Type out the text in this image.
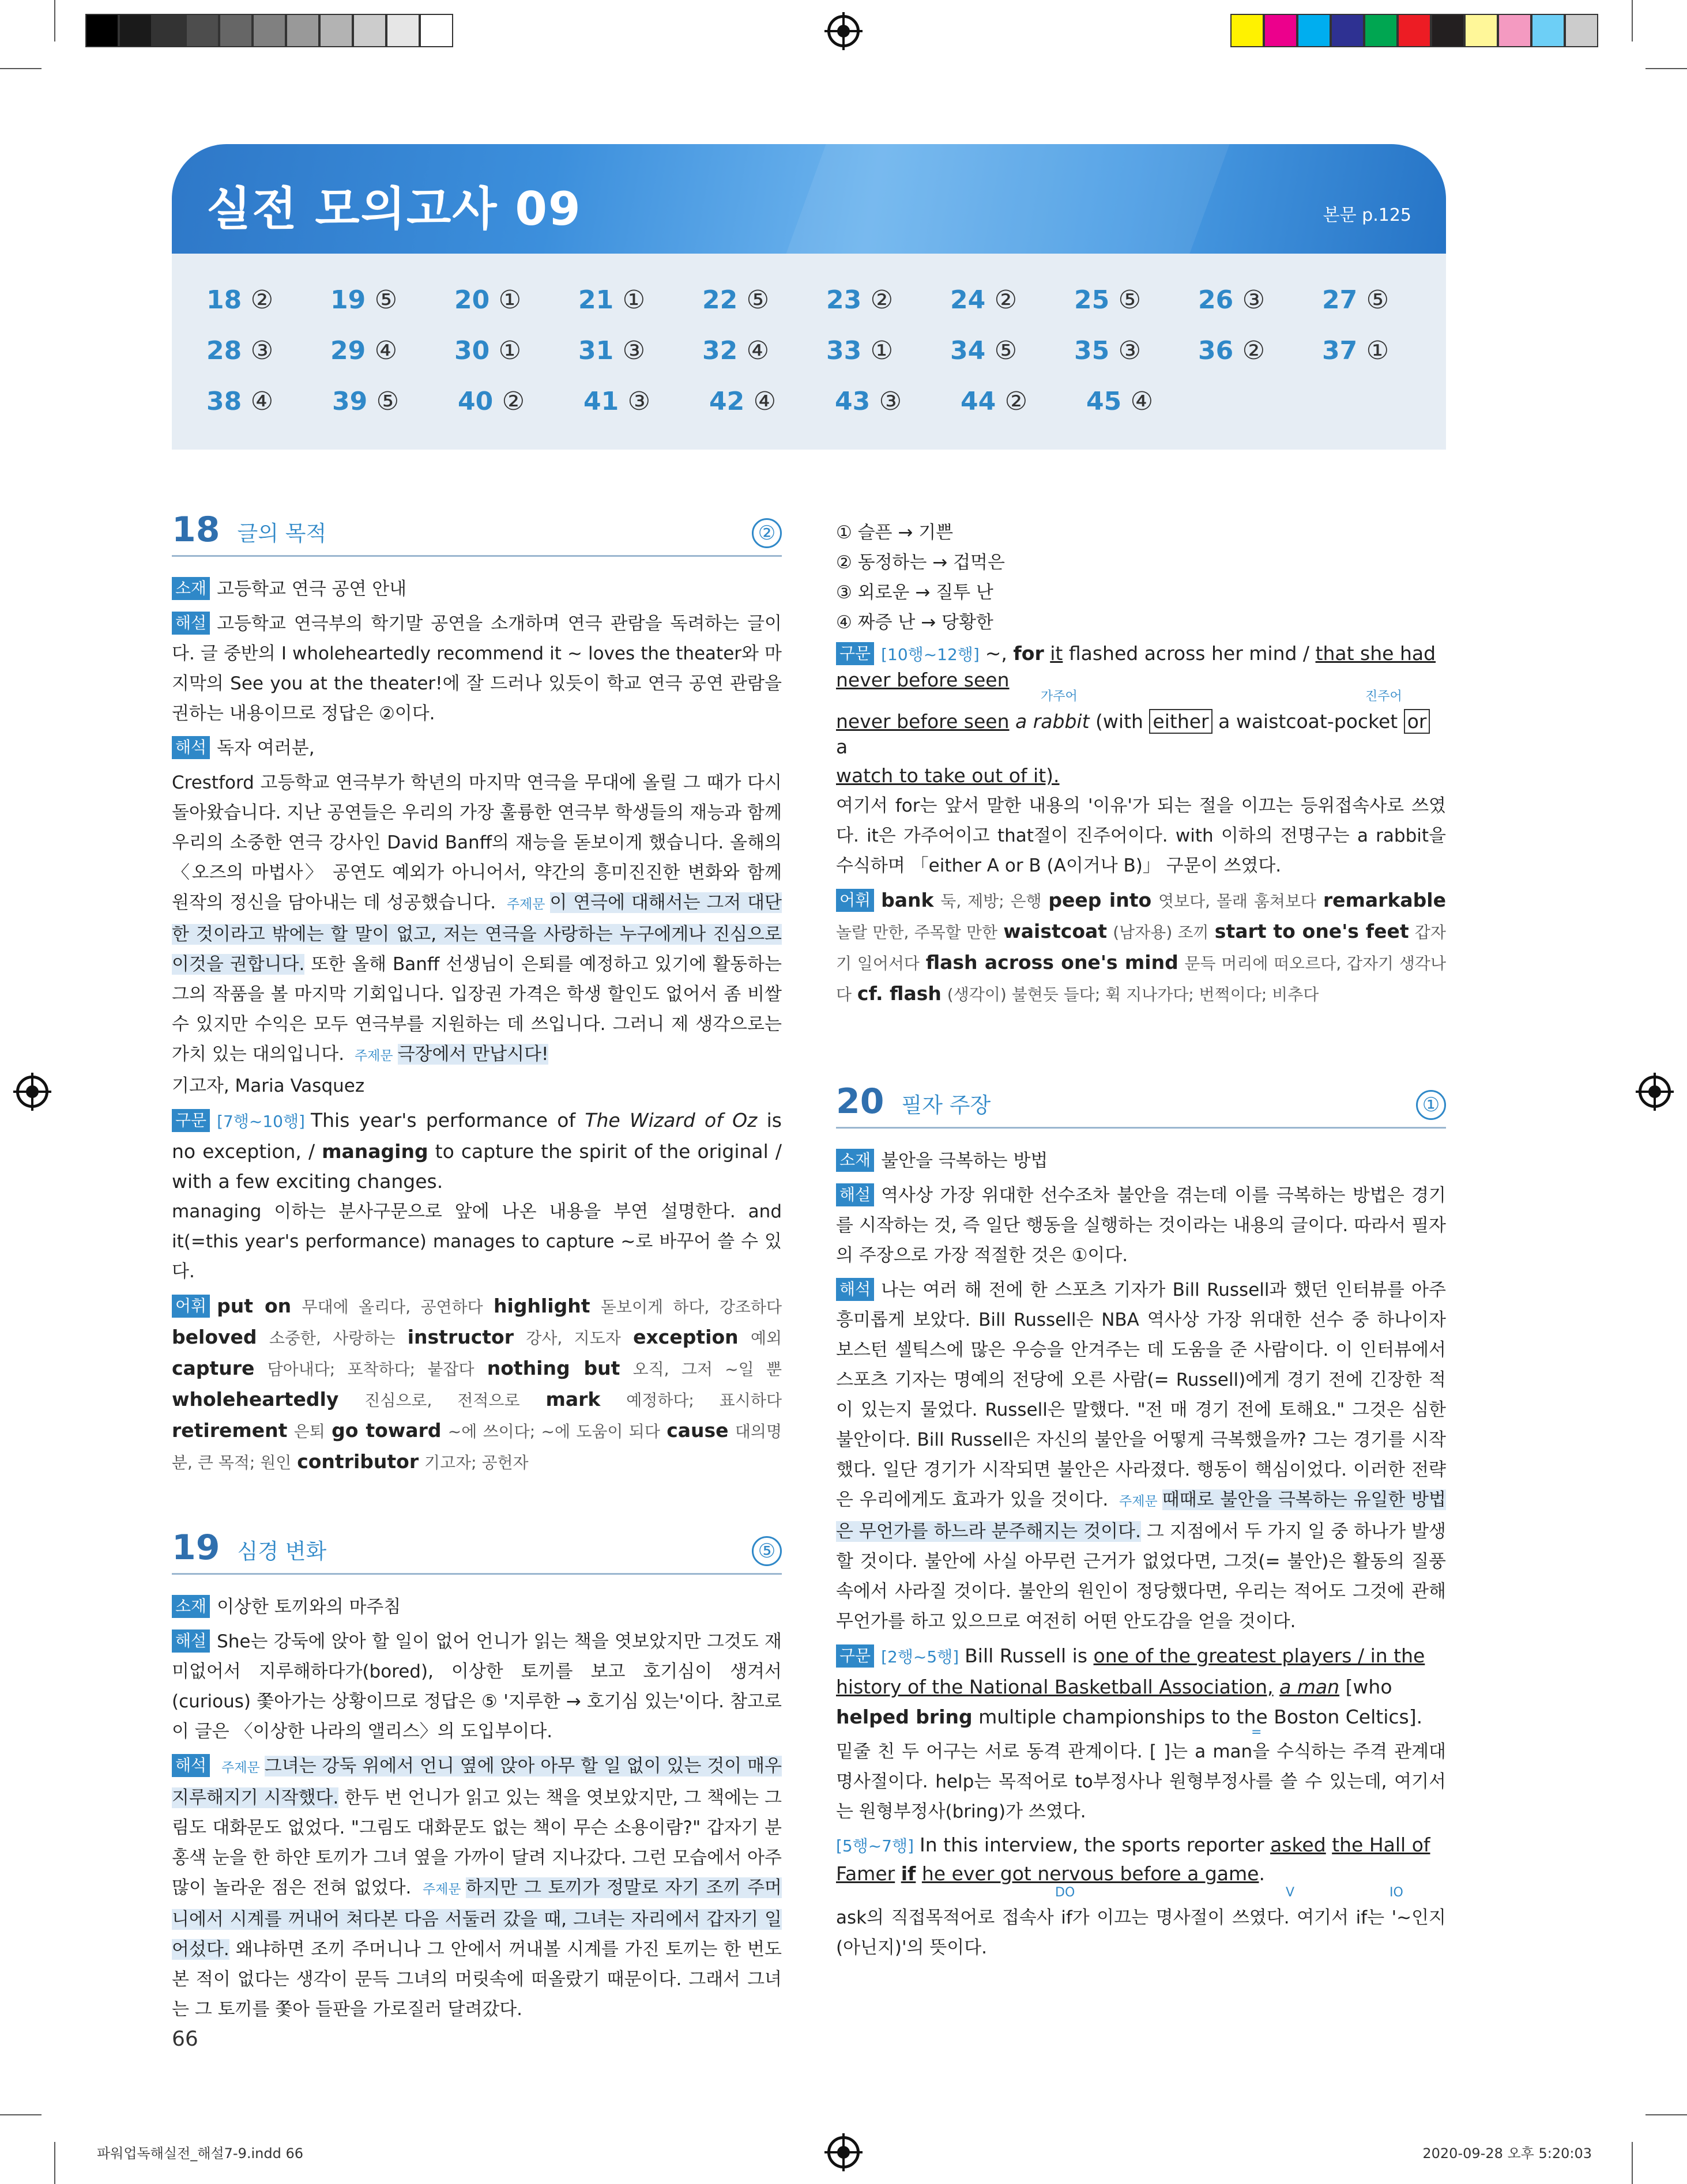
실전 모의고사 09	본문 p.125
18 ②	19 ⑤	20 ①	21 ①	22 ⑤	23 ②	24 ②	25 ⑤	26 ③	27 ⑤
28 ③	29 ④	30 ①	31 ③	32 ④	33 ①	34 ⑤	35 ③	36 ②	37 ①
38 ④	39 ⑤	40 ②	41 ③	42 ④	43 ③	44 ②	45 ④
18 글의 목적	②

소재 고등학교 연극 공연 안내

해설 고등학교 연극부의 학기말 공연을 소개하며 연극 관람을 독려하는 글이다. 글 중반의 I wholeheartedly recommend it ~ loves the theater와 마지막의 See you at the theater!에 잘 드러나 있듯이 학교 연극 공연 관람을 권하는 내용이므로 정답은 ②이다.

해석 독자 여러분,

Crestford 고등학교 연극부가 학년의 마지막 연극을 무대에 올릴 그 때가 다시 돌아왔습니다. 지난 공연들은 우리의 가장 훌륭한 연극부 학생들의 재능과 함께 우리의 소중한 연극 강사인 David Banff의 재능을 돋보이게 했습니다. 올해의 〈오즈의 마법사〉 공연도 예외가 아니어서, 약간의 흥미진진한 변화와 함께 원작의 정신을 담아내는 데 성공했습니다. 주제문 이 연극에 대해서는 그저 대단한 것이라고 밖에는 할 말이 없고, 저는 연극을 사랑하는 누구에게나 진심으로 이것을 권합니다. 또한 올해 Banff 선생님이 은퇴를 예정하고 있기에 활동하는 그의 작품을 볼 마지막 기회입니다. 입장권 가격은 학생 할인도 없어서 좀 비쌀 수 있지만 수익은 모두 연극부를 지원하는 데 쓰입니다. 그러니 제 생각으로는 가치 있는 대의입니다. 주제문 극장에서 만납시다!

기고자, Maria Vasquez

구문 [7행~10행] This year's performance of The Wizard of Oz is no exception, / managing to capture the spirit of the original / with a few exciting changes.

managing 이하는 분사구문으로 앞에 나온 내용을 부연 설명한다. and it(=this year's performance) manages to capture ~로 바꾸어 쓸 수 있다.

어휘 put on 무대에 올리다, 공연하다 highlight 돋보이게 하다, 강조하다 beloved 소중한, 사랑하는 instructor 강사, 지도자 exception 예외 capture 담아내다; 포착하다; 붙잡다 nothing but 오직, 그저 ~일 뿐 wholeheartedly 진심으로, 전적으로 mark 예정하다; 표시하다 retirement 은퇴 go toward ~에 쓰이다; ~에 도움이 되다 cause 대의명분, 큰 목적; 원인 contributor 기고자; 공헌자

19 심경 변화	⑤

소재 이상한 토끼와의 마주침

해설 She는 강둑에 앉아 할 일이 없어 언니가 읽는 책을 엿보았지만 그것도 재미없어서 지루해하다가(bored), 이상한 토끼를 보고 호기심이 생겨서(curious) 쫓아가는 상황이므로 정답은 ⑤ '지루한 → 호기심 있는'이다. 참고로 이 글은 〈이상한 나라의 앨리스〉의 도입부이다.

해석 주제문 그녀는 강둑 위에서 언니 옆에 앉아 아무 할 일 없이 있는 것이 매우 지루해지기 시작했다. 한두 번 언니가 읽고 있는 책을 엿보았지만, 그 책에는 그림도 대화문도 없었다. "그림도 대화문도 없는 책이 무슨 소용이람?" 갑자기 분홍색 눈을 한 하얀 토끼가 그녀 옆을 가까이 달려 지나갔다. 그런 모습에서 아주 많이 놀라운 점은 전혀 없었다. 주제문 하지만 그 토끼가 정말로 자기 조끼 주머니에서 시계를 꺼내어 쳐다본 다음 서둘러 갔을 때, 그녀는 자리에서 갑자기 일어섰다. 왜냐하면 조끼 주머니나 그 안에서 꺼내볼 시계를 가진 토끼는 한 번도 본 적이 없다는 생각이 문득 그녀의 머릿속에 떠올랐기 때문이다. 그래서 그녀는 그 토끼를 쫓아 들판을 가로질러 달려갔다.

① 슬픈 → 기쁜
② 동정하는 → 겁먹은
③ 외로운 → 질투 난
④ 짜증 난 → 당황한
구문 [10행~12행] ~, for it flashed across her mind / that she had never before seen
가주어	진주어
never before seen a rabbit (with either a waistcoat-pocket or a
watch to take out of it).

여기서 for는 앞서 말한 내용의 '이유'가 되는 절을 이끄는 등위접속사로 쓰였다. it은 가주어이고 that절이 진주어이다. with 이하의 전명구는 a rabbit을 수식하며 「either A or B (A이거나 B)」 구문이 쓰였다.

어휘 bank 둑, 제방; 은행 peep into 엿보다, 몰래 훔쳐보다 remarkable 놀랄 만한, 주목할 만한 waistcoat (남자용) 조끼 start to one's feet 갑자기 일어서다 flash across one's mind 문득 머리에 떠오르다, 갑자기 생각나다 cf. flash (생각이) 불현듯 들다; 휙 지나가다; 번쩍이다; 비추다

20 필자 주장	①

소재 불안을 극복하는 방법

해설 역사상 가장 위대한 선수조차 불안을 겪는데 이를 극복하는 방법은 경기를 시작하는 것, 즉 일단 행동을 실행하는 것이라는 내용의 글이다. 따라서 필자의 주장으로 가장 적절한 것은 ①이다.

해석 나는 여러 해 전에 한 스포츠 기자가 Bill Russell과 했던 인터뷰를 아주 흥미롭게 보았다. Bill Russell은 NBA 역사상 가장 위대한 선수 중 하나이자 보스턴 셀틱스에 많은 우승을 안겨주는 데 도움을 준 사람이다. 이 인터뷰에서 스포츠 기자는 명예의 전당에 오른 사람(= Russell)에게 경기 전에 긴장한 적이 있는지 물었다. Russell은 말했다. "전 매 경기 전에 토해요." 그것은 심한 불안이다. Bill Russell은 자신의 불안을 어떻게 극복했을까? 그는 경기를 시작했다. 일단 경기가 시작되면 불안은 사라졌다. 행동이 핵심이었다. 이러한 전략은 우리에게도 효과가 있을 것이다. 주제문 때때로 불안을 극복하는 유일한 방법은 무언가를 하느라 분주해지는 것이다. 그 지점에서 두 가지 일 중 하나가 발생할 것이다. 불안에 사실 아무런 근거가 없었다면, 그것(= 불안)은 활동의 질풍 속에서 사라질 것이다. 불안의 원인이 정당했다면, 우리는 적어도 그것에 관해 무언가를 하고 있으므로 여전히 어떤 안도감을 얻을 것이다.

구문 [2행~5행] Bill Russell is one of the greatest players / in the history of the National Basketball Association, a man [who helped bring multiple championships to the Boston Celtics].
=

밑줄 친 두 어구는 서로 동격 관계이다. [ ]는 a man을 수식하는 주격 관계대명사절이다. help는 목적어로 to부정사나 원형부정사를 쓸 수 있는데, 여기서는 원형부정사(bring)가 쓰였다.

[5행~7행] In this interview, the sports reporter asked the Hall of Famer if he ever got nervous before a game.
V	IO
DO

ask의 직접목적어로 접속사 if가 이끄는 명사절이 쓰였다. 여기서 if는 '~인지 (아닌지)'의 뜻이다.

66
파워업독해실전_해설7-9.indd 66	2020-09-28 오후 5:20:03
